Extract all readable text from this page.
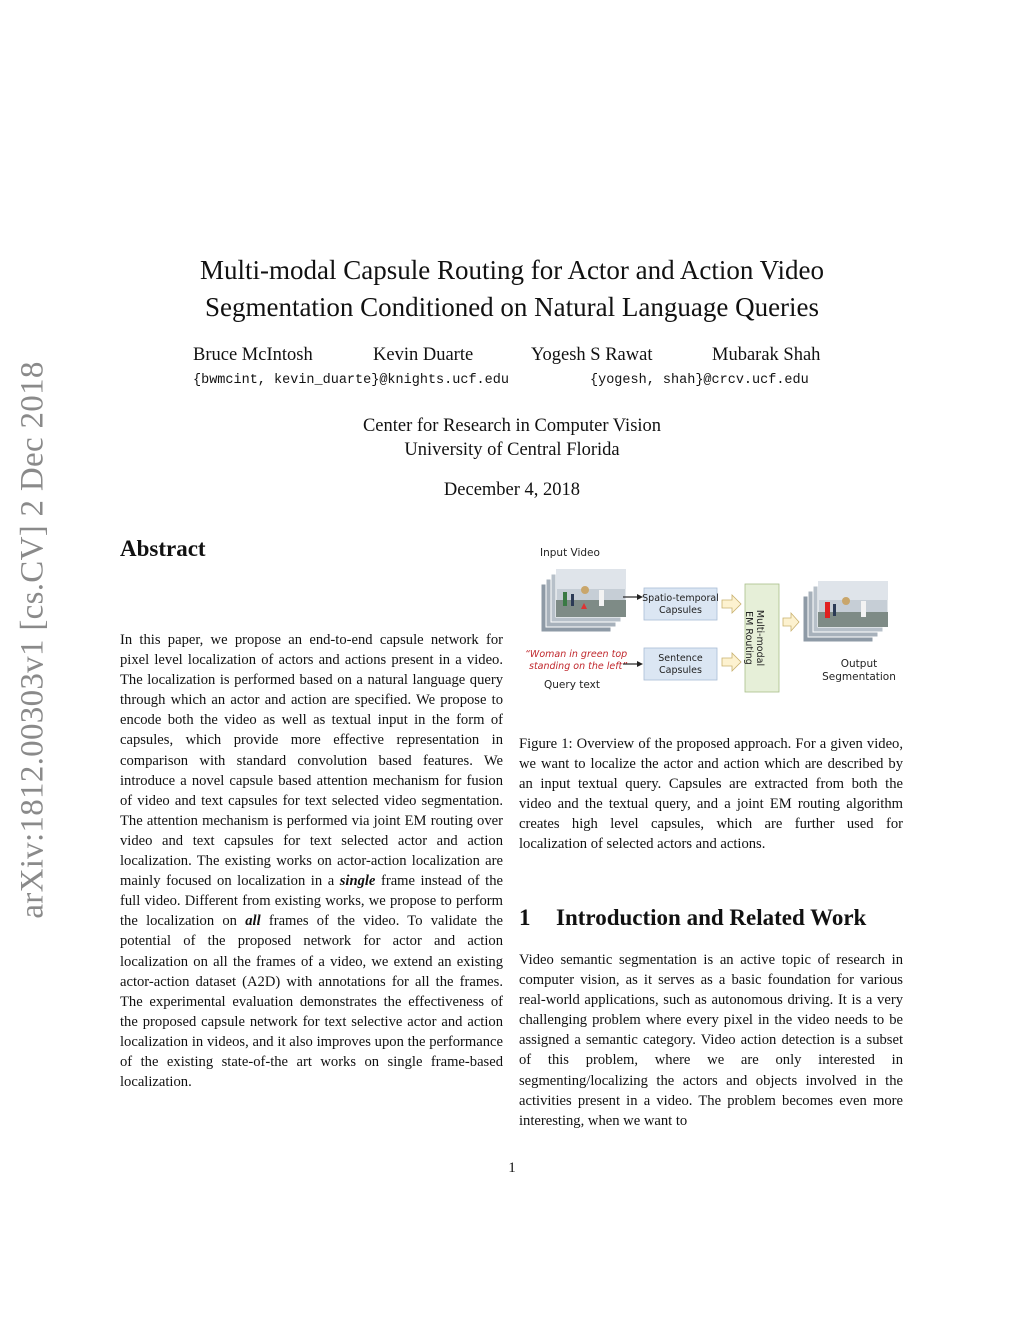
arXiv:1812.00303v1 [cs.CV] 2 Dec 2018
Multi-modal Capsule Routing for Actor and Action Video
Segmentation Conditioned on Natural Language Queries
Bruce McIntosh	Kevin Duarte	Yogesh S Rawat	Mubarak Shah
{bwmcint, kevin_duarte}@knights.ucf.edu	{yogesh, shah}@crcv.ucf.edu
Center for Research in Computer Vision
University of Central Florida
December 4, 2018
Abstract

In this paper, we propose an end-to-end capsule network for pixel level localization of actors and actions present in a video. The localization is performed based on a natural language query through which an actor and action are specified. We propose to encode both the video as well as textual input in the form of capsules, which provide more effective representation in comparison with standard convolution based features. We introduce a novel capsule based attention mechanism for fusion of video and text capsules for text selected video segmentation. The attention mechanism is performed via joint EM routing over video and text capsules for text selected actor and action localization. The existing works on actor-action localization are mainly focused on localization in a single frame instead of the full video. Different from existing works, we propose to perform the localization on all frames of the video. To validate the potential of the proposed network for actor and action localization on all the frames of a video, we extend an existing actor-action dataset (A2D) with annotations for all the frames. The experimental evaluation demonstrates the effectiveness of the proposed capsule network for text selective actor and action localization in videos, and it also improves upon the performance of the existing state-of-the art works on single frame-based localization.

Input Video
“Woman in green top
standing on the left”
Query text
Spatio-temporal
Capsules
Sentence
Capsules
Multi-modal
EM Routing	Output
Segmentation

Figure 1: Overview of the proposed approach. For a given video, we want to localize the actor and action which are described by an input textual query. Capsules are extracted from both the video and the textual query, and a joint EM routing algorithm creates high level capsules, which are further used for localization of selected actors and actions.

1 Introduction and Related Work

Video semantic segmentation is an active topic of research in computer vision, as it serves as a basic foundation for various real-world applications, such as autonomous driving. It is a very challenging problem where every pixel in the video needs to be assigned a semantic category. Video action detection is a subset of this problem, where we are only interested in segmenting/localizing the actors and objects involved in the activities present in a video. The problem becomes even more interesting, when we want to

1
